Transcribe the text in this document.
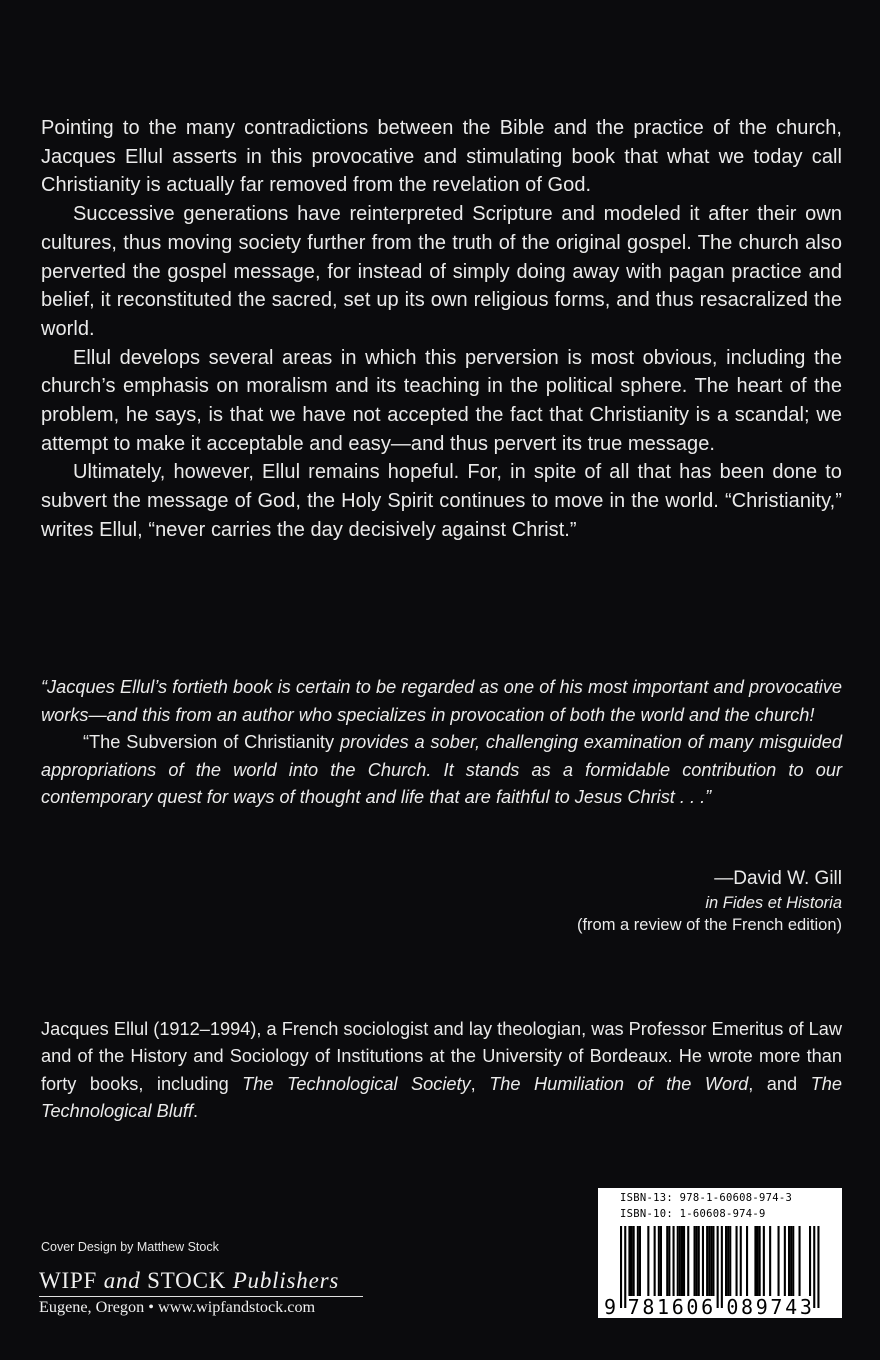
Pointing to the many contradictions between the Bible and the practice of the church, Jacques Ellul asserts in this provocative and stimulating book that what we today call Christianity is actually far removed from the revelation of God.

Successive generations have reinterpreted Scripture and modeled it after their own cultures, thus moving society further from the truth of the original gospel. The church also perverted the gospel message, for instead of simply doing away with pagan practice and belief, it reconstituted the sacred, set up its own religious forms, and thus resacralized the world.

Ellul develops several areas in which this perversion is most obvious, including the church’s emphasis on moralism and its teaching in the political sphere. The heart of the problem, he says, is that we have not accepted the fact that Christianity is a scandal; we attempt to make it acceptable and easy—and thus pervert its true message.

Ultimately, however, Ellul remains hopeful. For, in spite of all that has been done to subvert the message of God, the Holy Spirit continues to move in the world. “Christianity,” writes Ellul, “never carries the day decisively against Christ.”

“Jacques Ellul’s fortieth book is certain to be regarded as one of his most important and provocative works—and this from an author who specializes in provocation of both the world and the church!

“The Subversion of Christianity provides a sober, challenging examination of many misguided appropriations of the world into the Church. It stands as a formidable contribution to our contemporary quest for ways of thought and life that are faithful to Jesus Christ . . .”

—David W. Gill
in Fides et Historia
(from a review of the French edition)

Jacques Ellul (1912–1994), a French sociologist and lay theologian, was Professor Emeritus of Law and of the History and Sociology of Institutions at the University of Bordeaux. He wrote more than forty books, including The Technological Society, The Humiliation of the Word, and The Technological Bluff.

Cover Design by Matthew Stock
WIPF and STOCK Publishers
Eugene, Oregon • www.wipfandstock.com
ISBN-13: 978-1-60608-974-3
ISBN-10: 1-60608-974-9
9 7 8 1 6 0 6 0 8 9 7 4 3
